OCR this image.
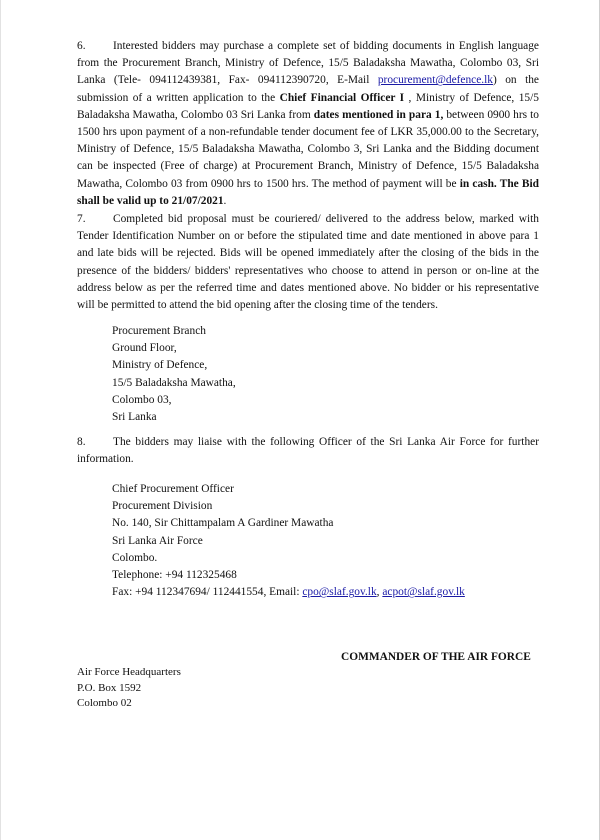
6. Interested bidders may purchase a complete set of bidding documents in English language from the Procurement Branch, Ministry of Defence, 15/5 Baladaksha Mawatha, Colombo 03, Sri Lanka (Tele- 094112439381, Fax- 094112390720, E-Mail procurement@defence.lk) on the submission of a written application to the Chief Financial Officer I , Ministry of Defence, 15/5 Baladaksha Mawatha, Colombo 03 Sri Lanka from dates mentioned in para 1, between 0900 hrs to 1500 hrs upon payment of a non-refundable tender document fee of LKR 35,000.00 to the Secretary, Ministry of Defence, 15/5 Baladaksha Mawatha, Colombo 3, Sri Lanka and the Bidding document can be inspected (Free of charge) at Procurement Branch, Ministry of Defence, 15/5 Baladaksha Mawatha, Colombo 03 from 0900 hrs to 1500 hrs. The method of payment will be in cash. The Bid shall be valid up to 21/07/2021.

7. Completed bid proposal must be couriered/ delivered to the address below, marked with Tender Identification Number on or before the stipulated time and date mentioned in above para 1 and late bids will be rejected. Bids will be opened immediately after the closing of the bids in the presence of the bidders/ bidders' representatives who choose to attend in person or on-line at the address below as per the referred time and dates mentioned above. No bidder or his representative will be permitted to attend the bid opening after the closing time of the tenders.

Procurement Branch
Ground Floor,
Ministry of Defence,
15/5 Baladaksha Mawatha,
Colombo 03,
Sri Lanka

8. The bidders may liaise with the following Officer of the Sri Lanka Air Force for further information.

Chief Procurement Officer
Procurement Division
No. 140, Sir Chittampalam A Gardiner Mawatha
Sri Lanka Air Force
Colombo.
Telephone: +94 112325468
Fax: +94 112347694/ 112441554, Email: cpo@slaf.gov.lk, acpot@slaf.gov.lk
COMMANDER OF THE AIR FORCE
Air Force Headquarters
P.O. Box 1592
Colombo 02
